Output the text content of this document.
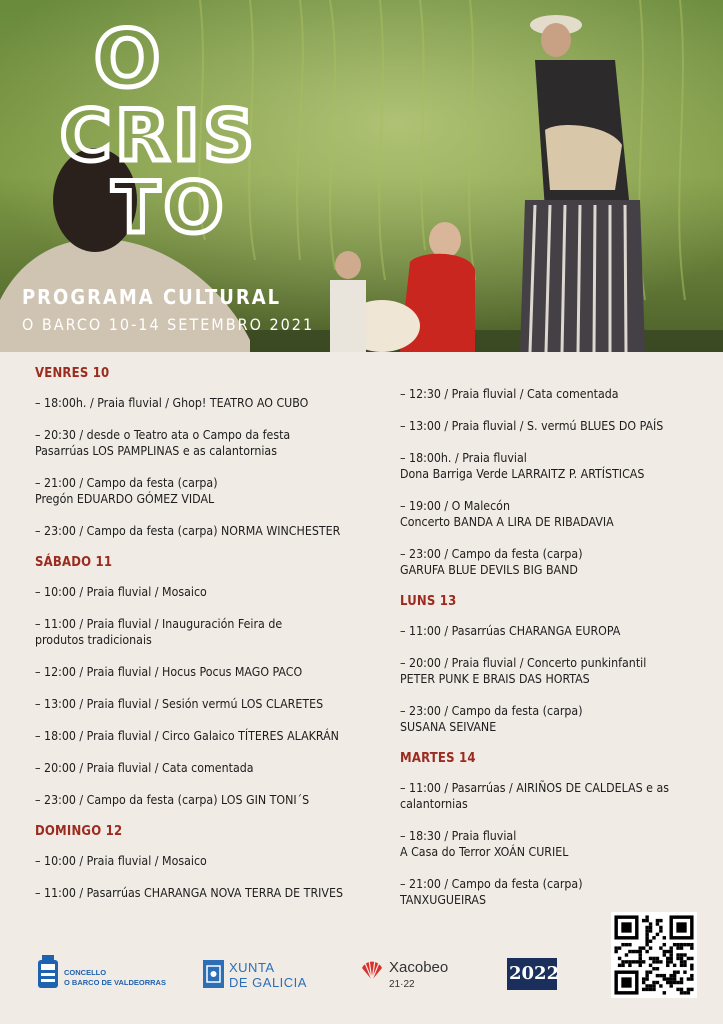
O
CRIS
TO
PROGRAMA CULTURAL
O BARCO 10-14 SETEMBRO 2021
VENRES 10
– 18:00h. / Praia fluvial / Ghop! TEATRO AO CUBO
– 20:30 / desde o Teatro ata o Campo da festa
Pasarrúas LOS PAMPLINAS e as calantornias
– 21:00 / Campo da festa (carpa)
Pregón EDUARDO GÓMEZ VIDAL
– 23:00 / Campo da festa (carpa) NORMA WINCHESTER
SÁBADO 11
– 10:00 / Praia fluvial / Mosaico
– 11:00 / Praia fluvial / Inauguración Feira de
produtos tradicionais
– 12:00 / Praia fluvial / Hocus Pocus MAGO PACO
– 13:00 / Praia fluvial / Sesión vermú LOS CLARETES
– 18:00 / Praia fluvial / Circo Galaico TÍTERES ALAKRÁN
– 20:00 / Praia fluvial / Cata comentada
– 23:00 / Campo da festa (carpa) LOS GIN TONI´S
DOMINGO 12
– 10:00 / Praia fluvial / Mosaico
– 11:00 / Pasarrúas CHARANGA NOVA TERRA DE TRIVES
– 12:30 / Praia fluvial / Cata comentada
– 13:00 / Praia fluvial / S. vermú BLUES DO PAÍS
– 18:00h. / Praia fluvial
Dona Barriga Verde LARRAITZ P. ARTÍSTICAS
– 19:00 / O Malecón
Concerto BANDA A LIRA DE RIBADAVIA
– 23:00 / Campo da festa (carpa)
GARUFA BLUE DEVILS BIG BAND
LUNS 13
– 11:00 / Pasarrúas CHARANGA EUROPA
– 20:00 / Praia fluvial / Concerto punkinfantil
PETER PUNK E BRAIS DAS HORTAS
– 23:00 / Campo da festa (carpa)
SUSANA SEIVANE
MARTES 14
– 11:00 / Pasarrúas / AIRIÑOS DE CALDELAS e as
calantornias
– 18:30 / Praia fluvial
A Casa do Terror XOÁN CURIEL
– 21:00 / Campo da festa (carpa)
TANXUGUEIRAS
CONCELLO
O BARCO DE VALDEORRAS
XUNTA
DE GALICIA
Xacobeo
21·22
2022
